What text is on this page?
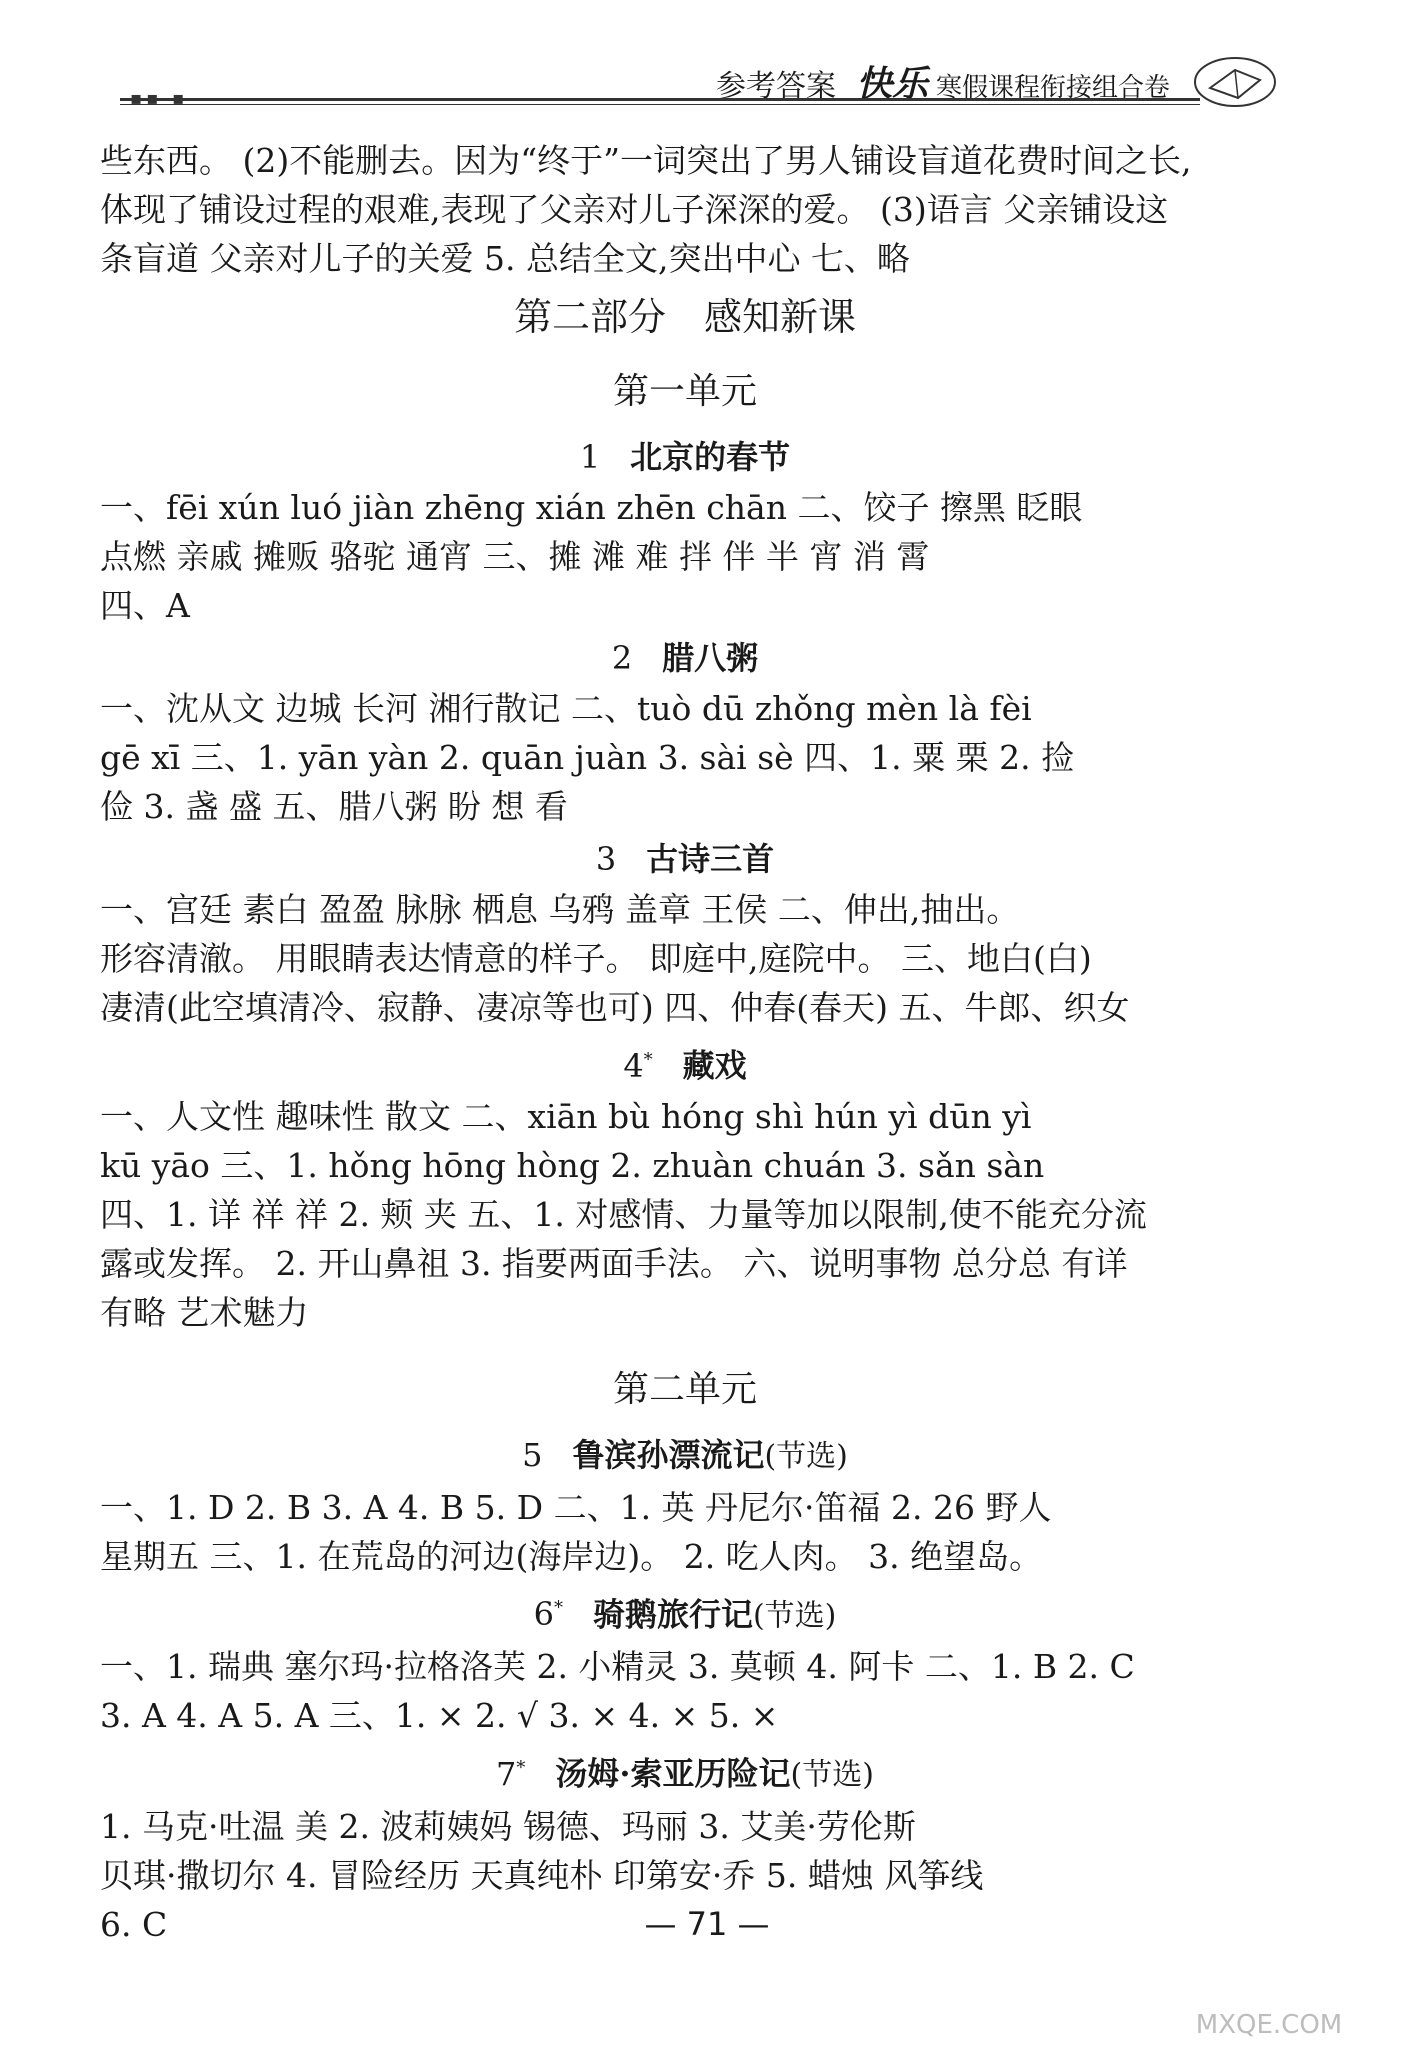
▪▪ ▪	参考答案 快乐 寒假课程衔接组合卷

些东西。 (2)不能删去。因为“终于”一词突出了男人铺设盲道花费时间之长,

体现了铺设过程的艰难,表现了父亲对儿子深深的爱。 (3)语言 父亲铺设这

条盲道 父亲对儿子的关爱 5. 总结全文,突出中心 七、略

第二部分　感知新课
第一单元
1 北京的春节

一、fēi xún luó jiàn zhēng xián zhēn chān 二、饺子 擦黑 眨眼

点燃 亲戚 摊贩 骆驼 通宵 三、摊 滩 难 拌 伴 半 宵 消 霄

四、A

2 腊八粥

一、沈从文 边城 长河 湘行散记 二、tuò dū zhǒng mèn là fèi

gē xī 三、1. yān yàn 2. quān juàn 3. sài sè 四、1. 粟 栗 2. 捡

俭 3. 盏 盛 五、腊八粥 盼 想 看

3 古诗三首

一、宫廷 素白 盈盈 脉脉 栖息 乌鸦 盖章 王侯 二、伸出,抽出。

形容清澈。 用眼睛表达情意的样子。 即庭中,庭院中。 三、地白(白)

凄清(此空填清冷、寂静、凄凉等也可) 四、仲春(春天) 五、牛郎、织女

4* 藏戏

一、人文性 趣味性 散文 二、xiān bù hóng shì hún yì dūn yì

kū yāo 三、1. hǒng hōng hòng 2. zhuàn chuán 3. sǎn sàn

四、1. 详 祥 祥 2. 颊 夹 五、1. 对感情、力量等加以限制,使不能充分流

露或发挥。 2. 开山鼻祖 3. 指要两面手法。 六、说明事物 总分总 有详

有略 艺术魅力

第二单元
5 鲁滨孙漂流记(节选)

一、1. D 2. B 3. A 4. B 5. D 二、1. 英 丹尼尔·笛福 2. 26 野人

星期五 三、1. 在荒岛的河边(海岸边)。 2. 吃人肉。 3. 绝望岛。

6* 骑鹅旅行记(节选)

一、1. 瑞典 塞尔玛·拉格洛芙 2. 小精灵 3. 莫顿 4. 阿卡 二、1. B 2. C

3. A 4. A 5. A 三、1. × 2. √ 3. × 4. × 5. ×

7* 汤姆·索亚历险记(节选)

1. 马克·吐温 美 2. 波莉姨妈 锡德、玛丽 3. 艾美·劳伦斯

贝琪·撒切尔 4. 冒险经历 天真纯朴 印第安·乔 5. 蜡烛 风筝线

6. C	— 71 —
MXQE.COM
